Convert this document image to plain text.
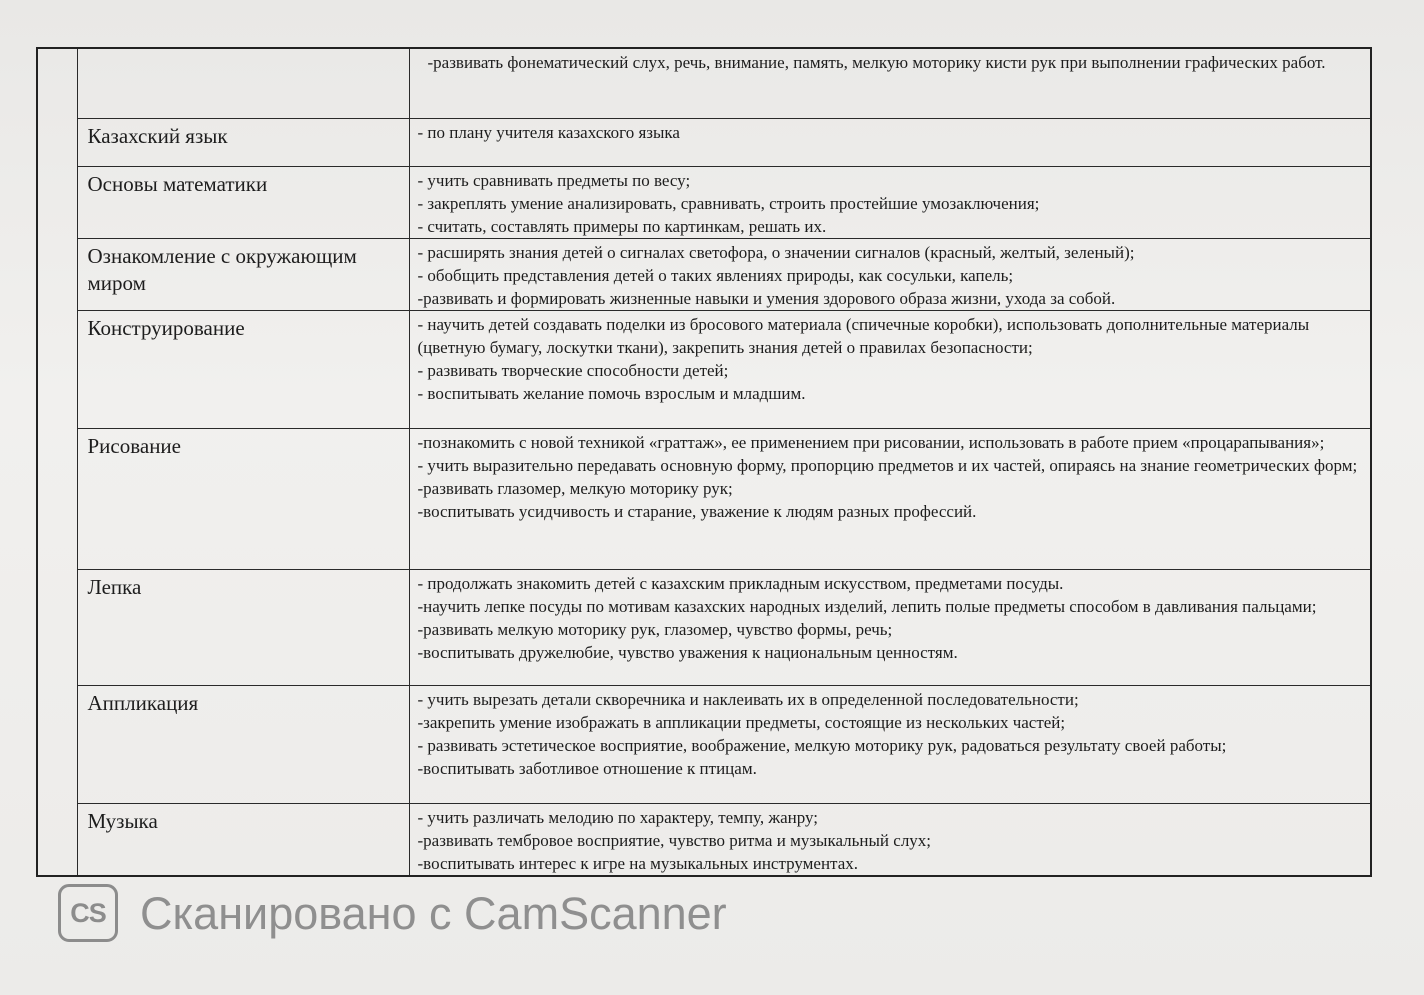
		-развивать фонематический слух, речь, внимание, память, мелкую моторику кисти рук при выполнении графических работ.

	Казахский язык	- по плану учителя казахского языка

	Основы математики	- учить сравнивать предметы по весу;
- закреплять умение анализировать, сравнивать, строить простейшие умозаключения;
- считать, составлять примеры по картинкам, решать их.

	Ознакомление с окружающим миром	- расширять знания детей о сигналах светофора, о значении сигналов (красный, желтый, зеленый);
- обобщить представления детей о таких явлениях природы, как сосульки, капель;
-развивать и формировать жизненные навыки и умения здорового образа жизни, ухода за собой.

	Конструирование	- научить детей создавать поделки из бросового материала (спичечные коробки), использовать дополнительные материалы (цветную бумагу, лоскутки ткани), закрепить знания детей о правилах безопасности;
- развивать творческие способности детей;
- воспитывать желание помочь взрослым и младшим.

	Рисование	-познакомить с новой техникой «граттаж», ее применением при рисовании, использовать в работе прием «процарапывания»;
- учить выразительно передавать основную форму, пропорцию предметов и их частей, опираясь на знание геометрических форм;
-развивать глазомер, мелкую моторику рук;
-воспитывать усидчивость и старание, уважение к людям разных профессий.

	Лепка	- продолжать знакомить детей с казахским прикладным искусством, предметами посуды.
-научить лепке посуды по мотивам казахских народных изделий, лепить полые предметы способом в давливания пальцами;
-развивать мелкую моторику рук, глазомер, чувство формы, речь;
-воспитывать дружелюбие, чувство уважения к национальным ценностям.

	Аппликация	- учить вырезать детали скворечника и наклеивать их в определенной последовательности;
-закрепить умение изображать в аппликации предметы, состоящие из нескольких частей;
- развивать эстетическое восприятие, воображение, мелкую моторику рук, радоваться результату своей работы;
-воспитывать заботливое отношение к птицам.

	Музыка	- учить различать мелодию по характеру, темпу, жанру;
-развивать тембровое восприятие, чувство ритма и музыкальный слух;
-воспитывать интерес к игре на музыкальных инструментах.
CS Сканировано с CamScanner
